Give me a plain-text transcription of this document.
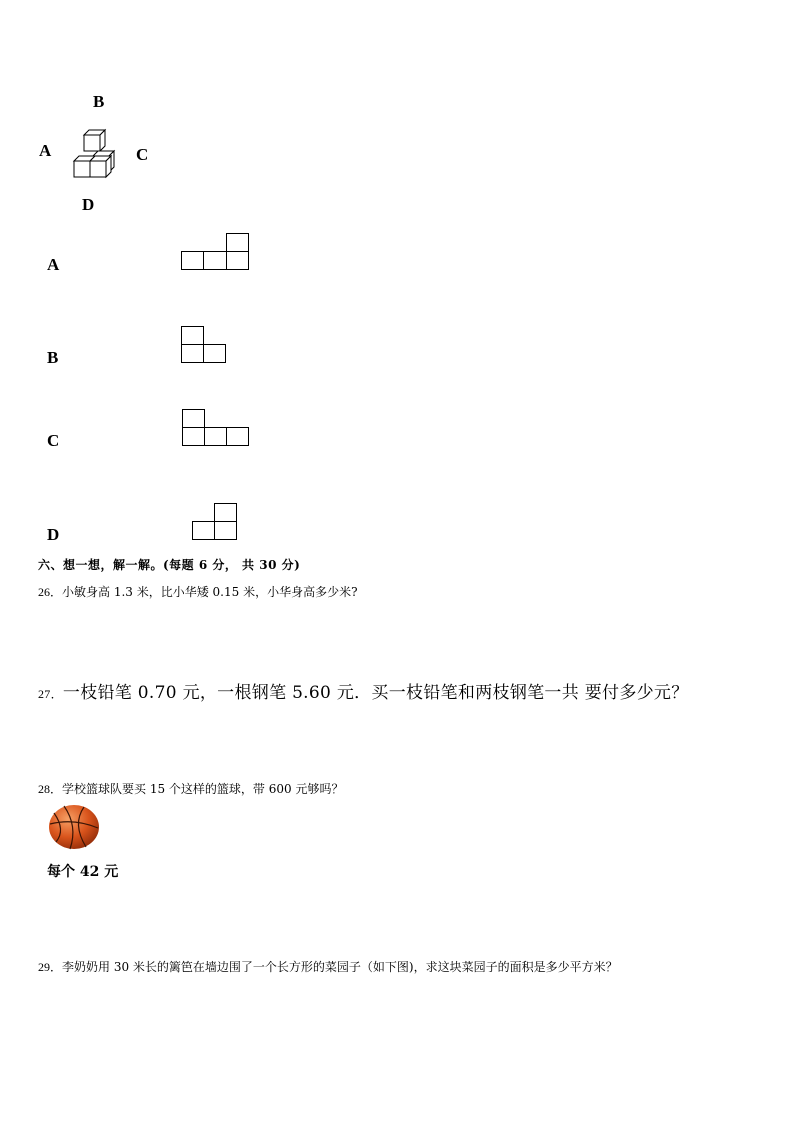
B
A	C
D
A
B
C
D
六、想一想，解一解。(每题 6 分， 共 30 分)
26．小敏身高 1.3 米，比小华矮 0.15 米，小华身高多少米?
27．一枝铅笔 0.70 元，一根钢笔 5.60 元．买一枝铅笔和两枝钢笔一共 要付多少元？
28．学校篮球队要买 15 个这样的篮球，带 600 元够吗？
每个 42 元
29．李奶奶用 30 米长的篱笆在墙边围了一个长方形的菜园子（如下图)，求这块菜园子的面积是多少平方米？
